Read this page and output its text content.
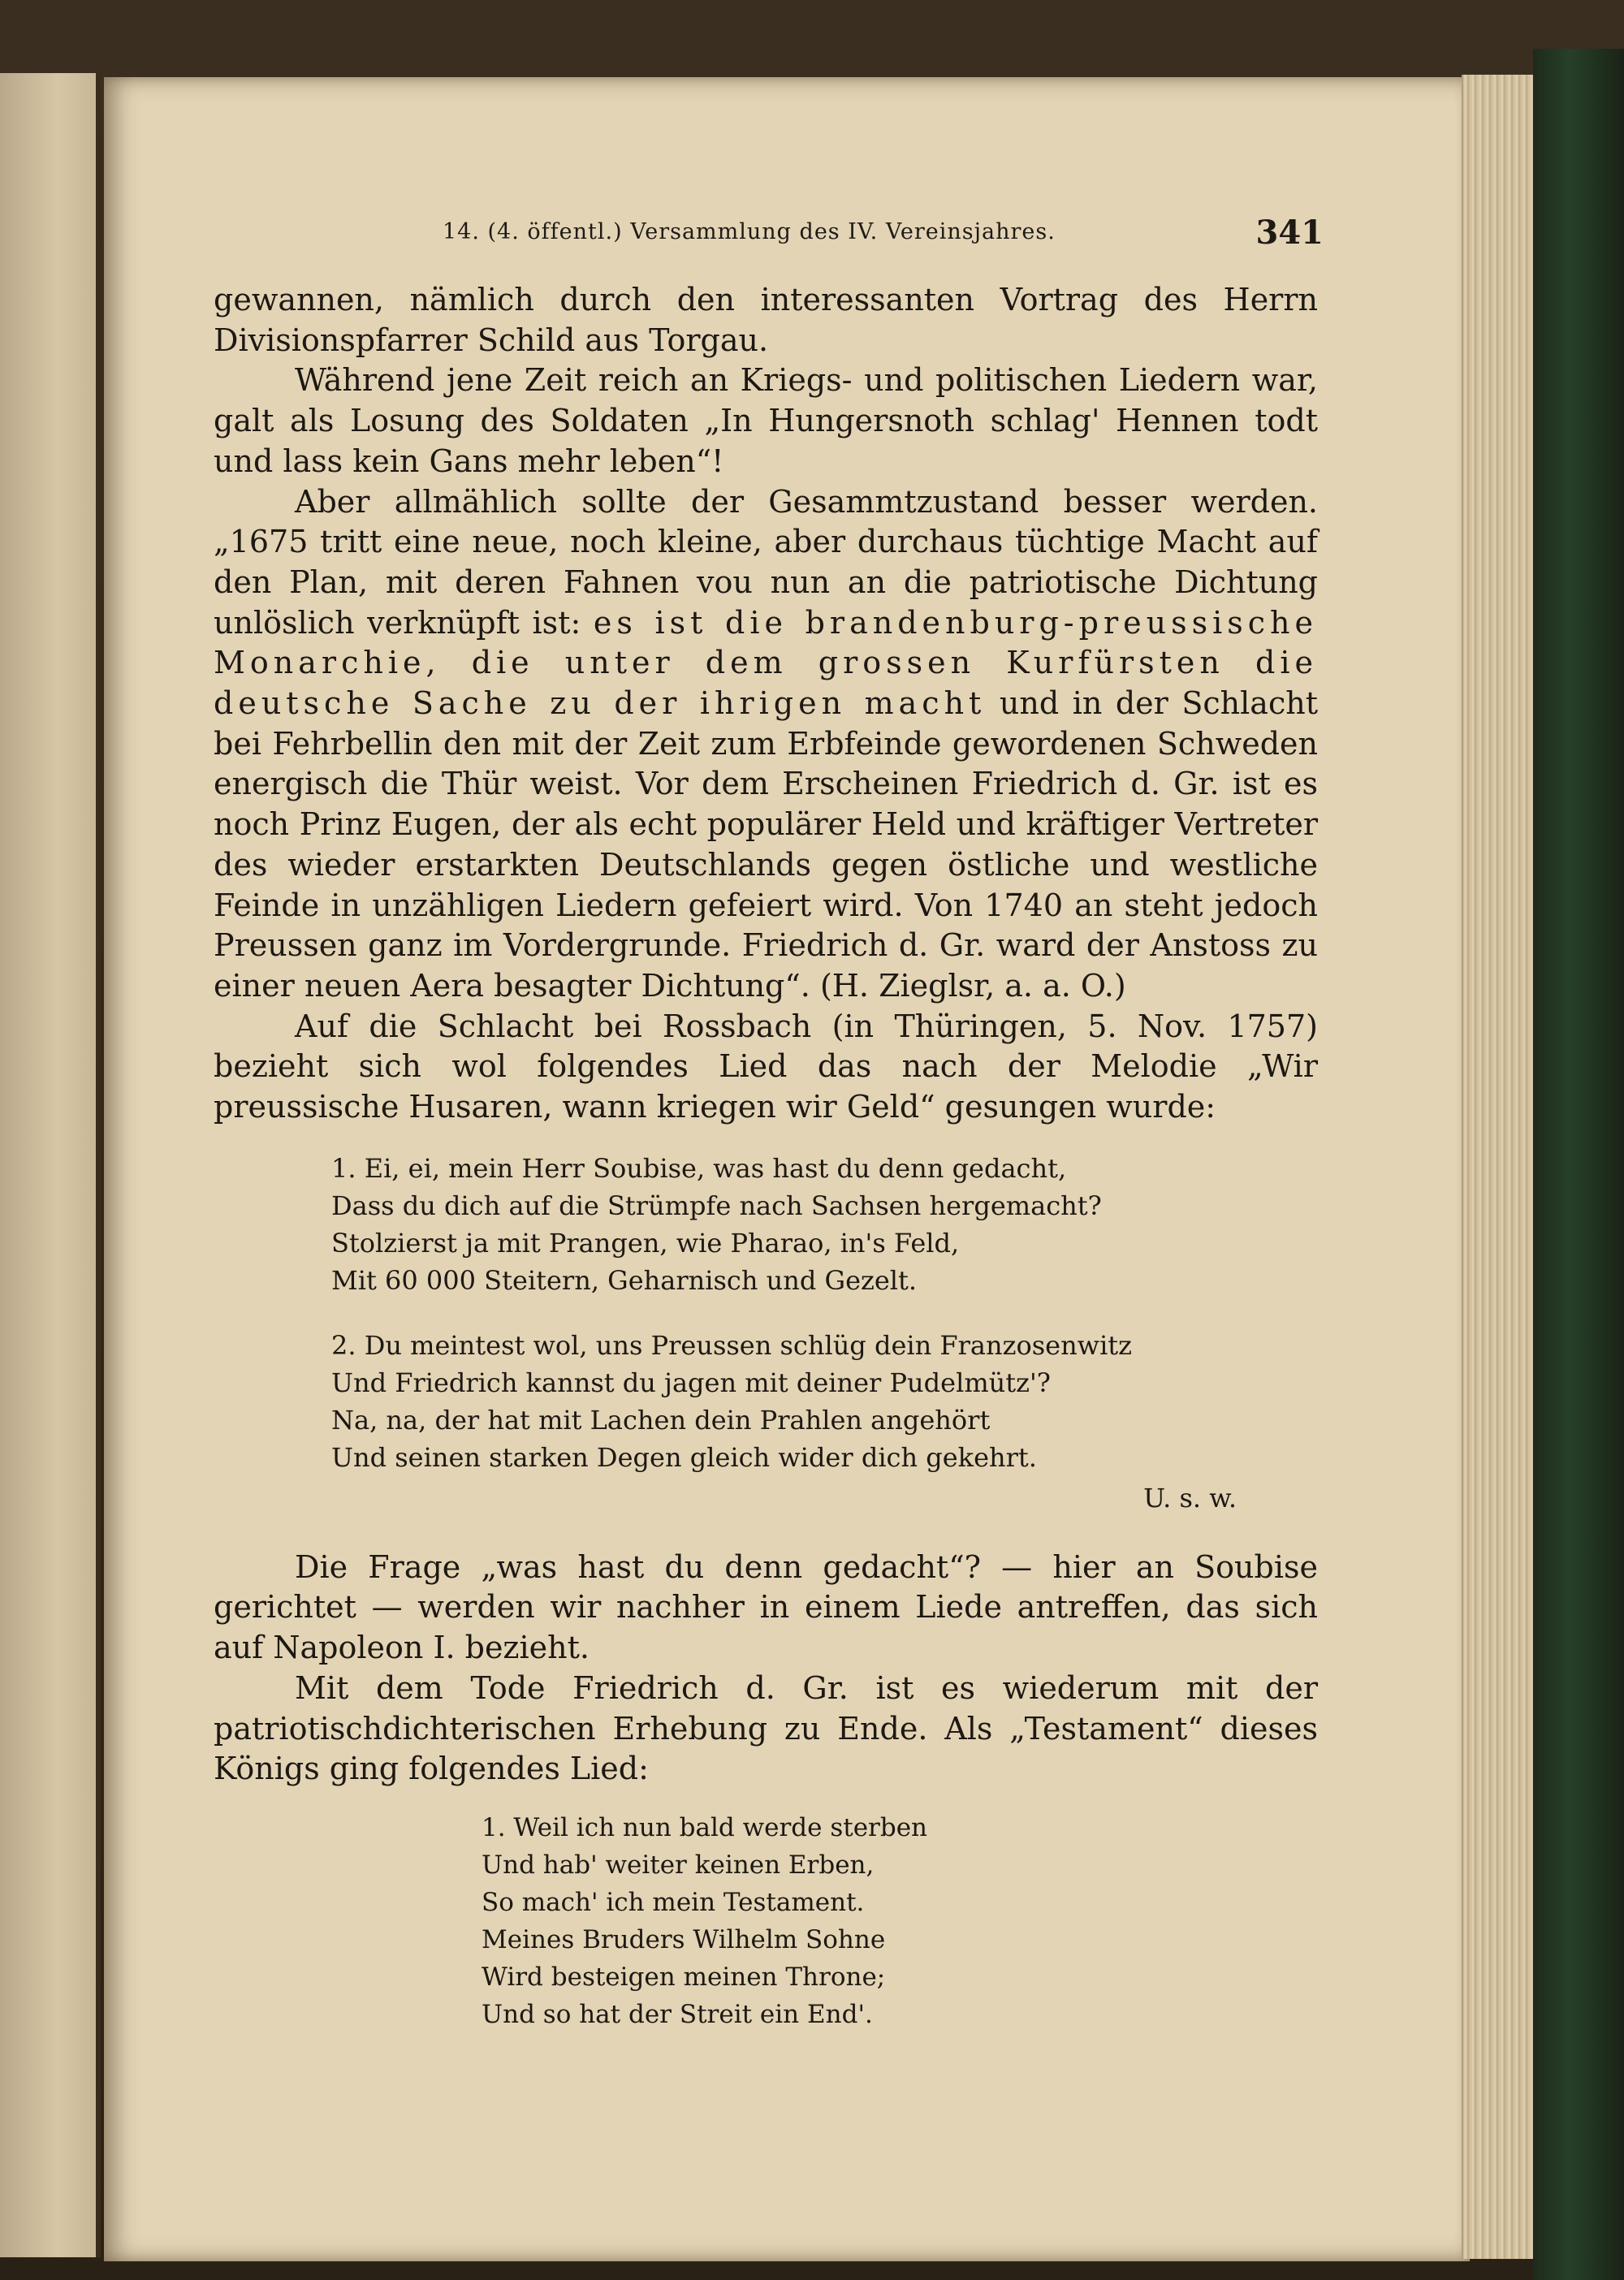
14. (4. öffentl.) Versammlung des IV. Vereinsjahres.	341

gewannen, nämlich durch den interessanten Vortrag des Herrn Divisionspfarrer Schild aus Torgau.

Während jene Zeit reich an Kriegs- und politischen Liedern war, galt als Losung des Soldaten „In Hungersnoth schlag' Hennen todt und lass kein Gans mehr leben“!

Aber allmählich sollte der Gesammtzustand besser werden. „1675 tritt eine neue, noch kleine, aber durchaus tüchtige Macht auf den Plan, mit deren Fahnen vou nun an die patriotische Dichtung unlöslich verknüpft ist: es ist die brandenburg-preussische Monarchie, die unter dem grossen Kurfürsten die deutsche Sache zu der ihrigen macht und in der Schlacht bei Fehrbellin den mit der Zeit zum Erbfeinde gewordenen Schweden energisch die Thür weist. Vor dem Erscheinen Friedrich d. Gr. ist es noch Prinz Eugen, der als echt populärer Held und kräftiger Vertreter des wieder erstarkten Deutschlands gegen östliche und westliche Feinde in unzähligen Liedern gefeiert wird. Von 1740 an steht jedoch Preussen ganz im Vordergrunde. Friedrich d. Gr. ward der Anstoss zu einer neuen Aera besagter Dichtung“. (H. Zieglsr, a. a. O.)

Auf die Schlacht bei Rossbach (in Thüringen, 5. Nov. 1757) bezieht sich wol folgendes Lied das nach der Melodie „Wir preussische Husaren, wann kriegen wir Geld“ gesungen wurde:

1. Ei, ei, mein Herr Soubise, was hast du denn gedacht,
Dass du dich auf die Strümpfe nach Sachsen hergemacht?
Stolzierst ja mit Prangen, wie Pharao, in's Feld,
Mit 60 000 Steitern, Geharnisch und Gezelt.
2. Du meintest wol, uns Preussen schlüg dein Franzosenwitz
Und Friedrich kannst du jagen mit deiner Pudelmütz'?
Na, na, der hat mit Lachen dein Prahlen angehört
Und seinen starken Degen gleich wider dich gekehrt.
U. s. w.

Die Frage „was hast du denn gedacht“? — hier an Soubise gerichtet — werden wir nachher in einem Liede antreffen, das sich auf Napoleon I. bezieht.

Mit dem Tode Friedrich d. Gr. ist es wiederum mit der patriotischdichterischen Erhebung zu Ende. Als „Testament“ dieses Königs ging folgendes Lied:

1. Weil ich nun bald werde sterben
Und hab' weiter keinen Erben,
So mach' ich mein Testament.
Meines Bruders Wilhelm Sohne
Wird besteigen meinen Throne;
Und so hat der Streit ein End'.
